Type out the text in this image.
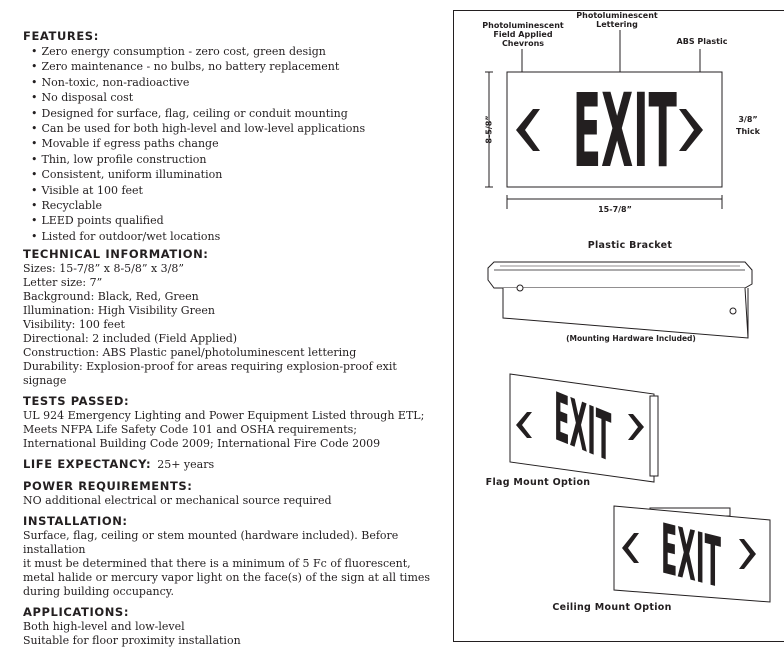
FEATURES:
• Zero energy consumption - zero cost, green design
• Zero maintenance - no bulbs, no battery replacement
• Non-toxic, non-radioactive
• No disposal cost
• Designed for surface, flag, ceiling or conduit mounting
• Can be used for both high-level and low-level applications
• Movable if egress paths change
• Thin, low profile construction
• Consistent, uniform illumination
• Visible at 100 feet
• Recyclable
• LEED points qualified
• Listed for outdoor/wet locations
TECHNICAL INFORMATION:
Sizes: 15-7/8” x 8-5/8” x 3/8”
Letter size: 7”
Background: Black, Red, Green
Illumination: High Visibility Green
Visibility: 100 feet
Directional: 2 included (Field Applied)
Construction: ABS Plastic panel/photoluminescent lettering
Durability: Explosion-proof for areas requiring explosion-proof exit signage
TESTS PASSED:
UL 924 Emergency Lighting and Power Equipment Listed through ETL;
Meets NFPA Life Safety Code 101 and OSHA requirements;
International Building Code 2009; International Fire Code 2009
LIFE EXPECTANCY: 25+ years
POWER REQUIREMENTS:
NO additional electrical or mechanical source required
INSTALLATION:
Surface, flag, ceiling or stem mounted (hardware included). Before installation
it must be determined that there is a minimum of 5 Fc of fluorescent,
metal halide or mercury vapor light on the face(s) of the sign at all times
during building occupancy.
APPLICATIONS:
Both high-level and low-level
Suitable for floor proximity installation
Photoluminescent
Field Applied
Chevrons
Photoluminescent
Lettering
ABS Plastic
EXIT
EXIT
EXIT
8-5/8”
15-7/8”
3/8”
Thick
Plastic Bracket
(Mounting Hardware Included)
Flag Mount Option
Ceiling Mount Option
